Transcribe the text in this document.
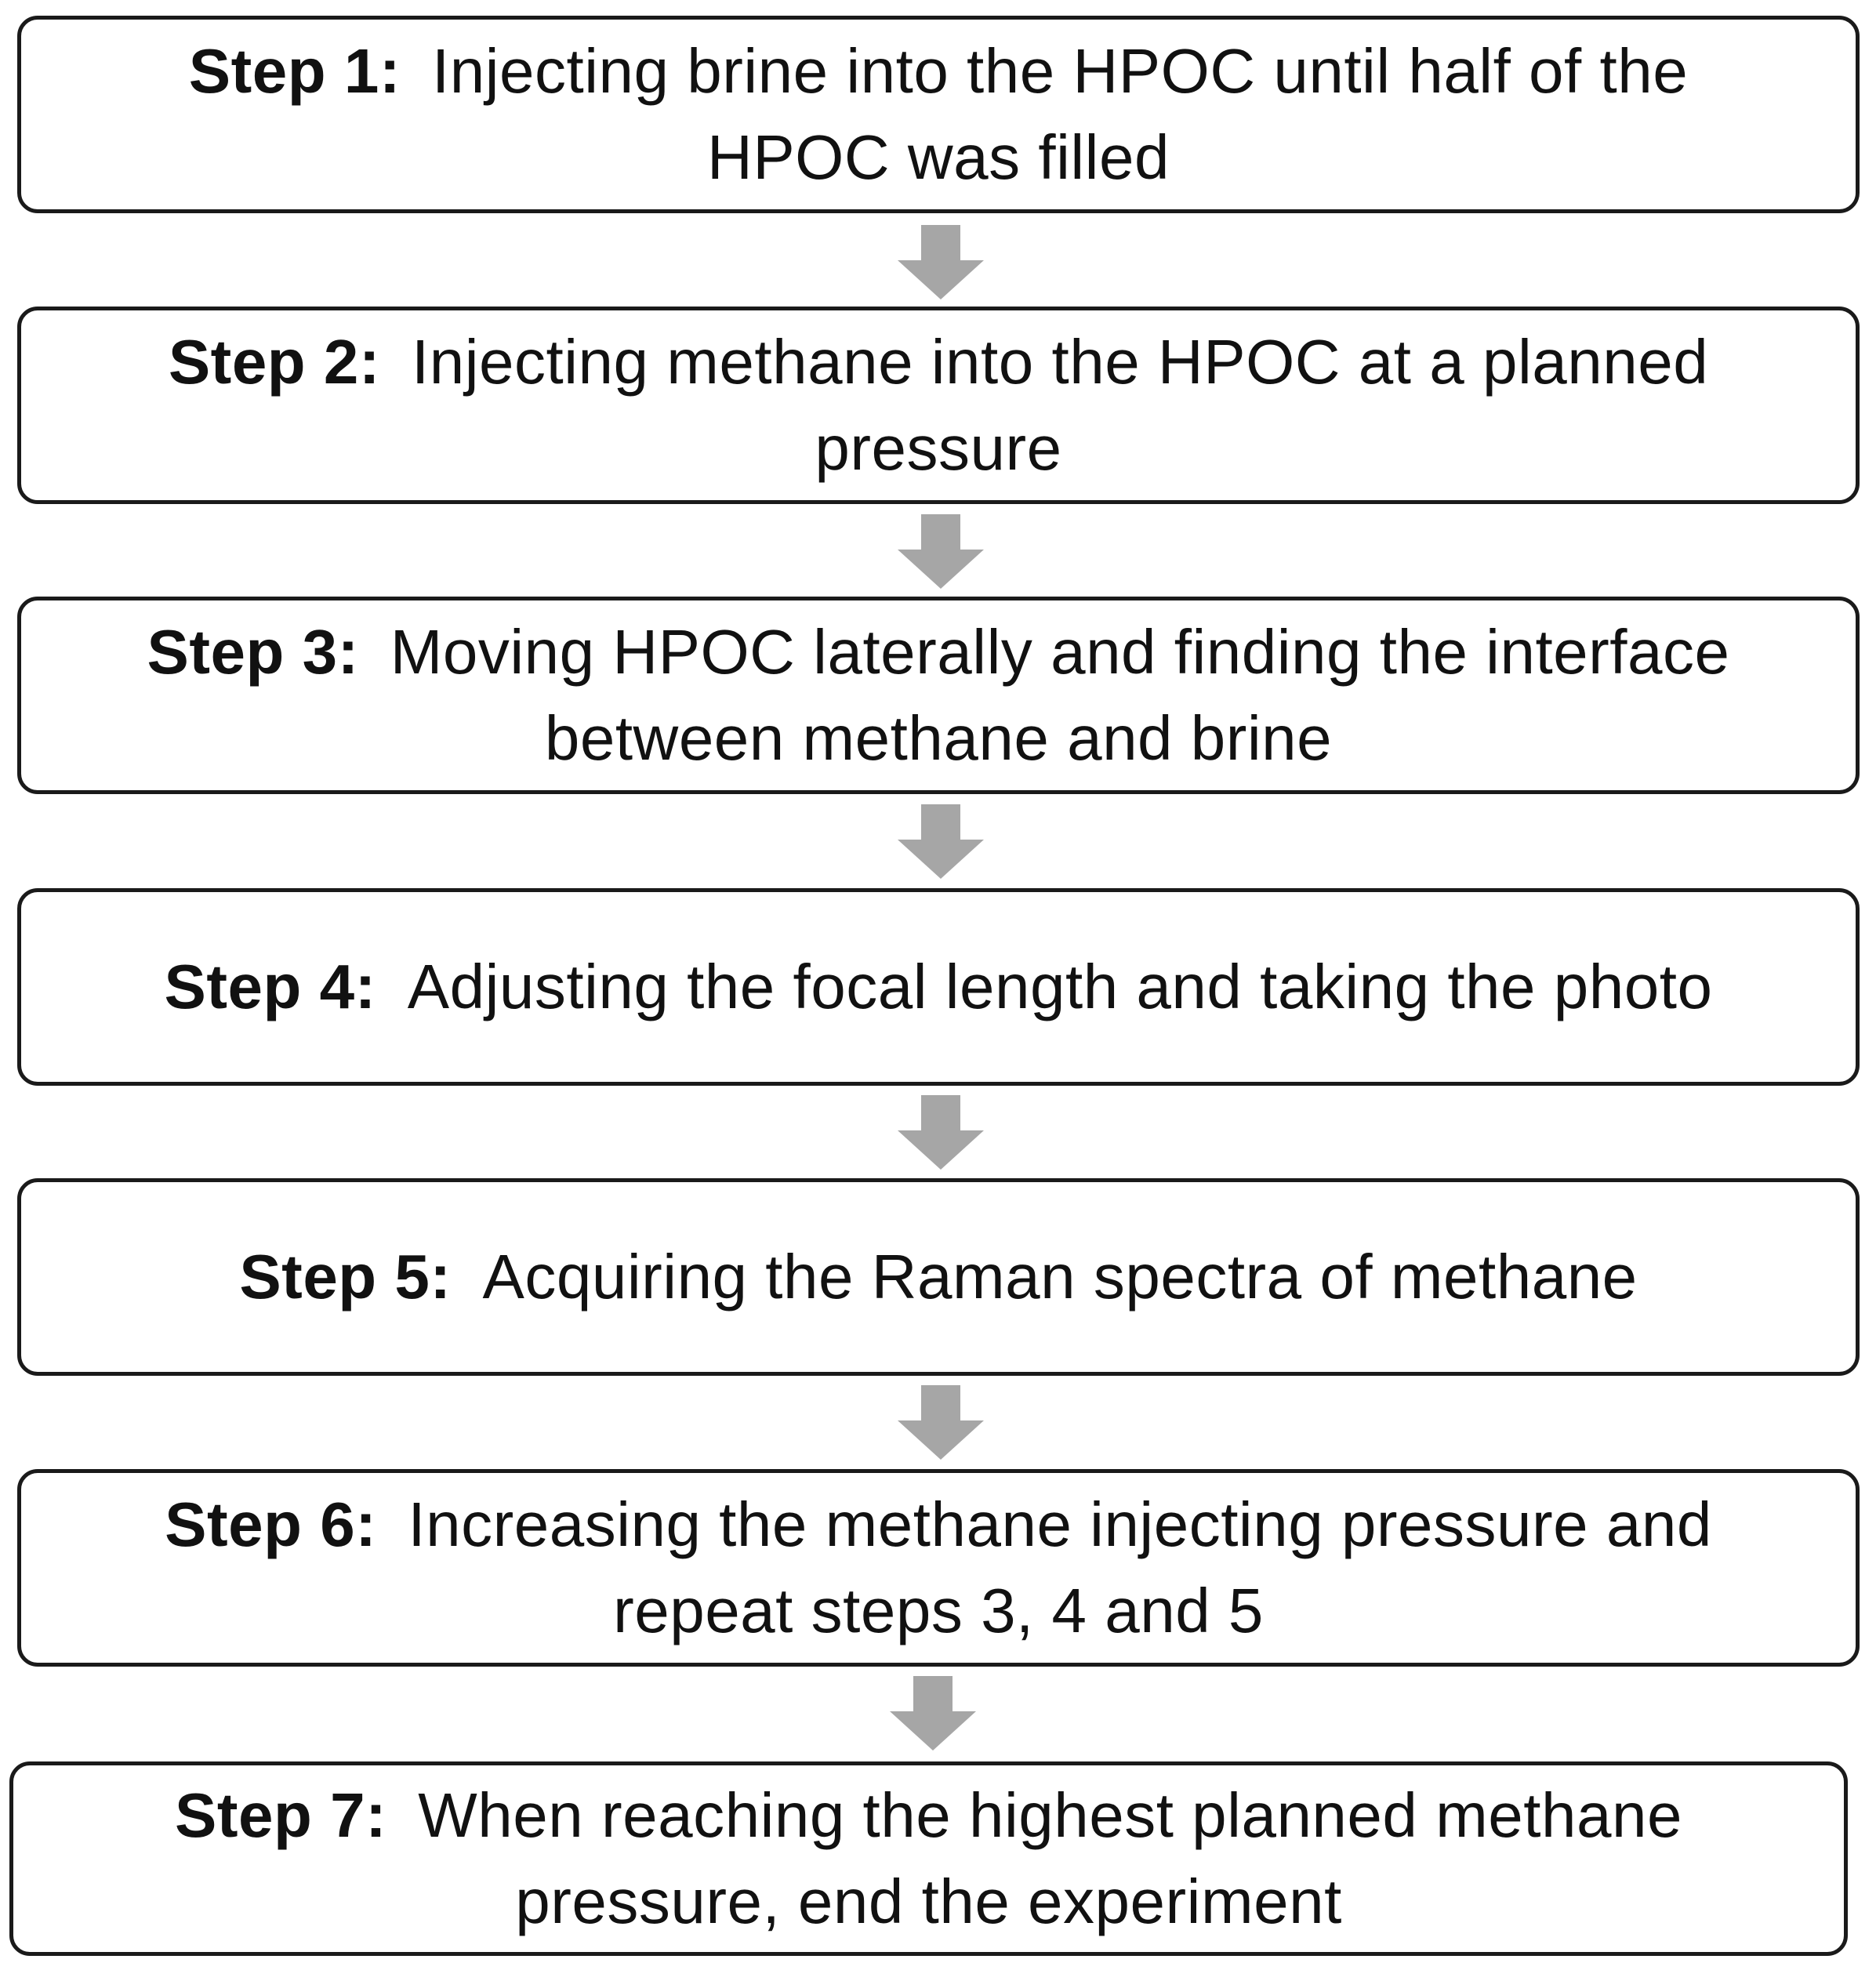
Step 1: Injecting brine into the HPOC until half of the HPOC was filled
Step 2: Injecting methane into the HPOC at a planned pressure
Step 3: Moving HPOC laterally and finding the interface between methane and brine
Step 4: Adjusting the focal length and taking the photo
Step 5: Acquiring the Raman spectra of methane
Step 6: Increasing the methane injecting pressure and repeat steps 3, 4 and 5
Step 7: When reaching the highest planned methane pressure, end the experiment
